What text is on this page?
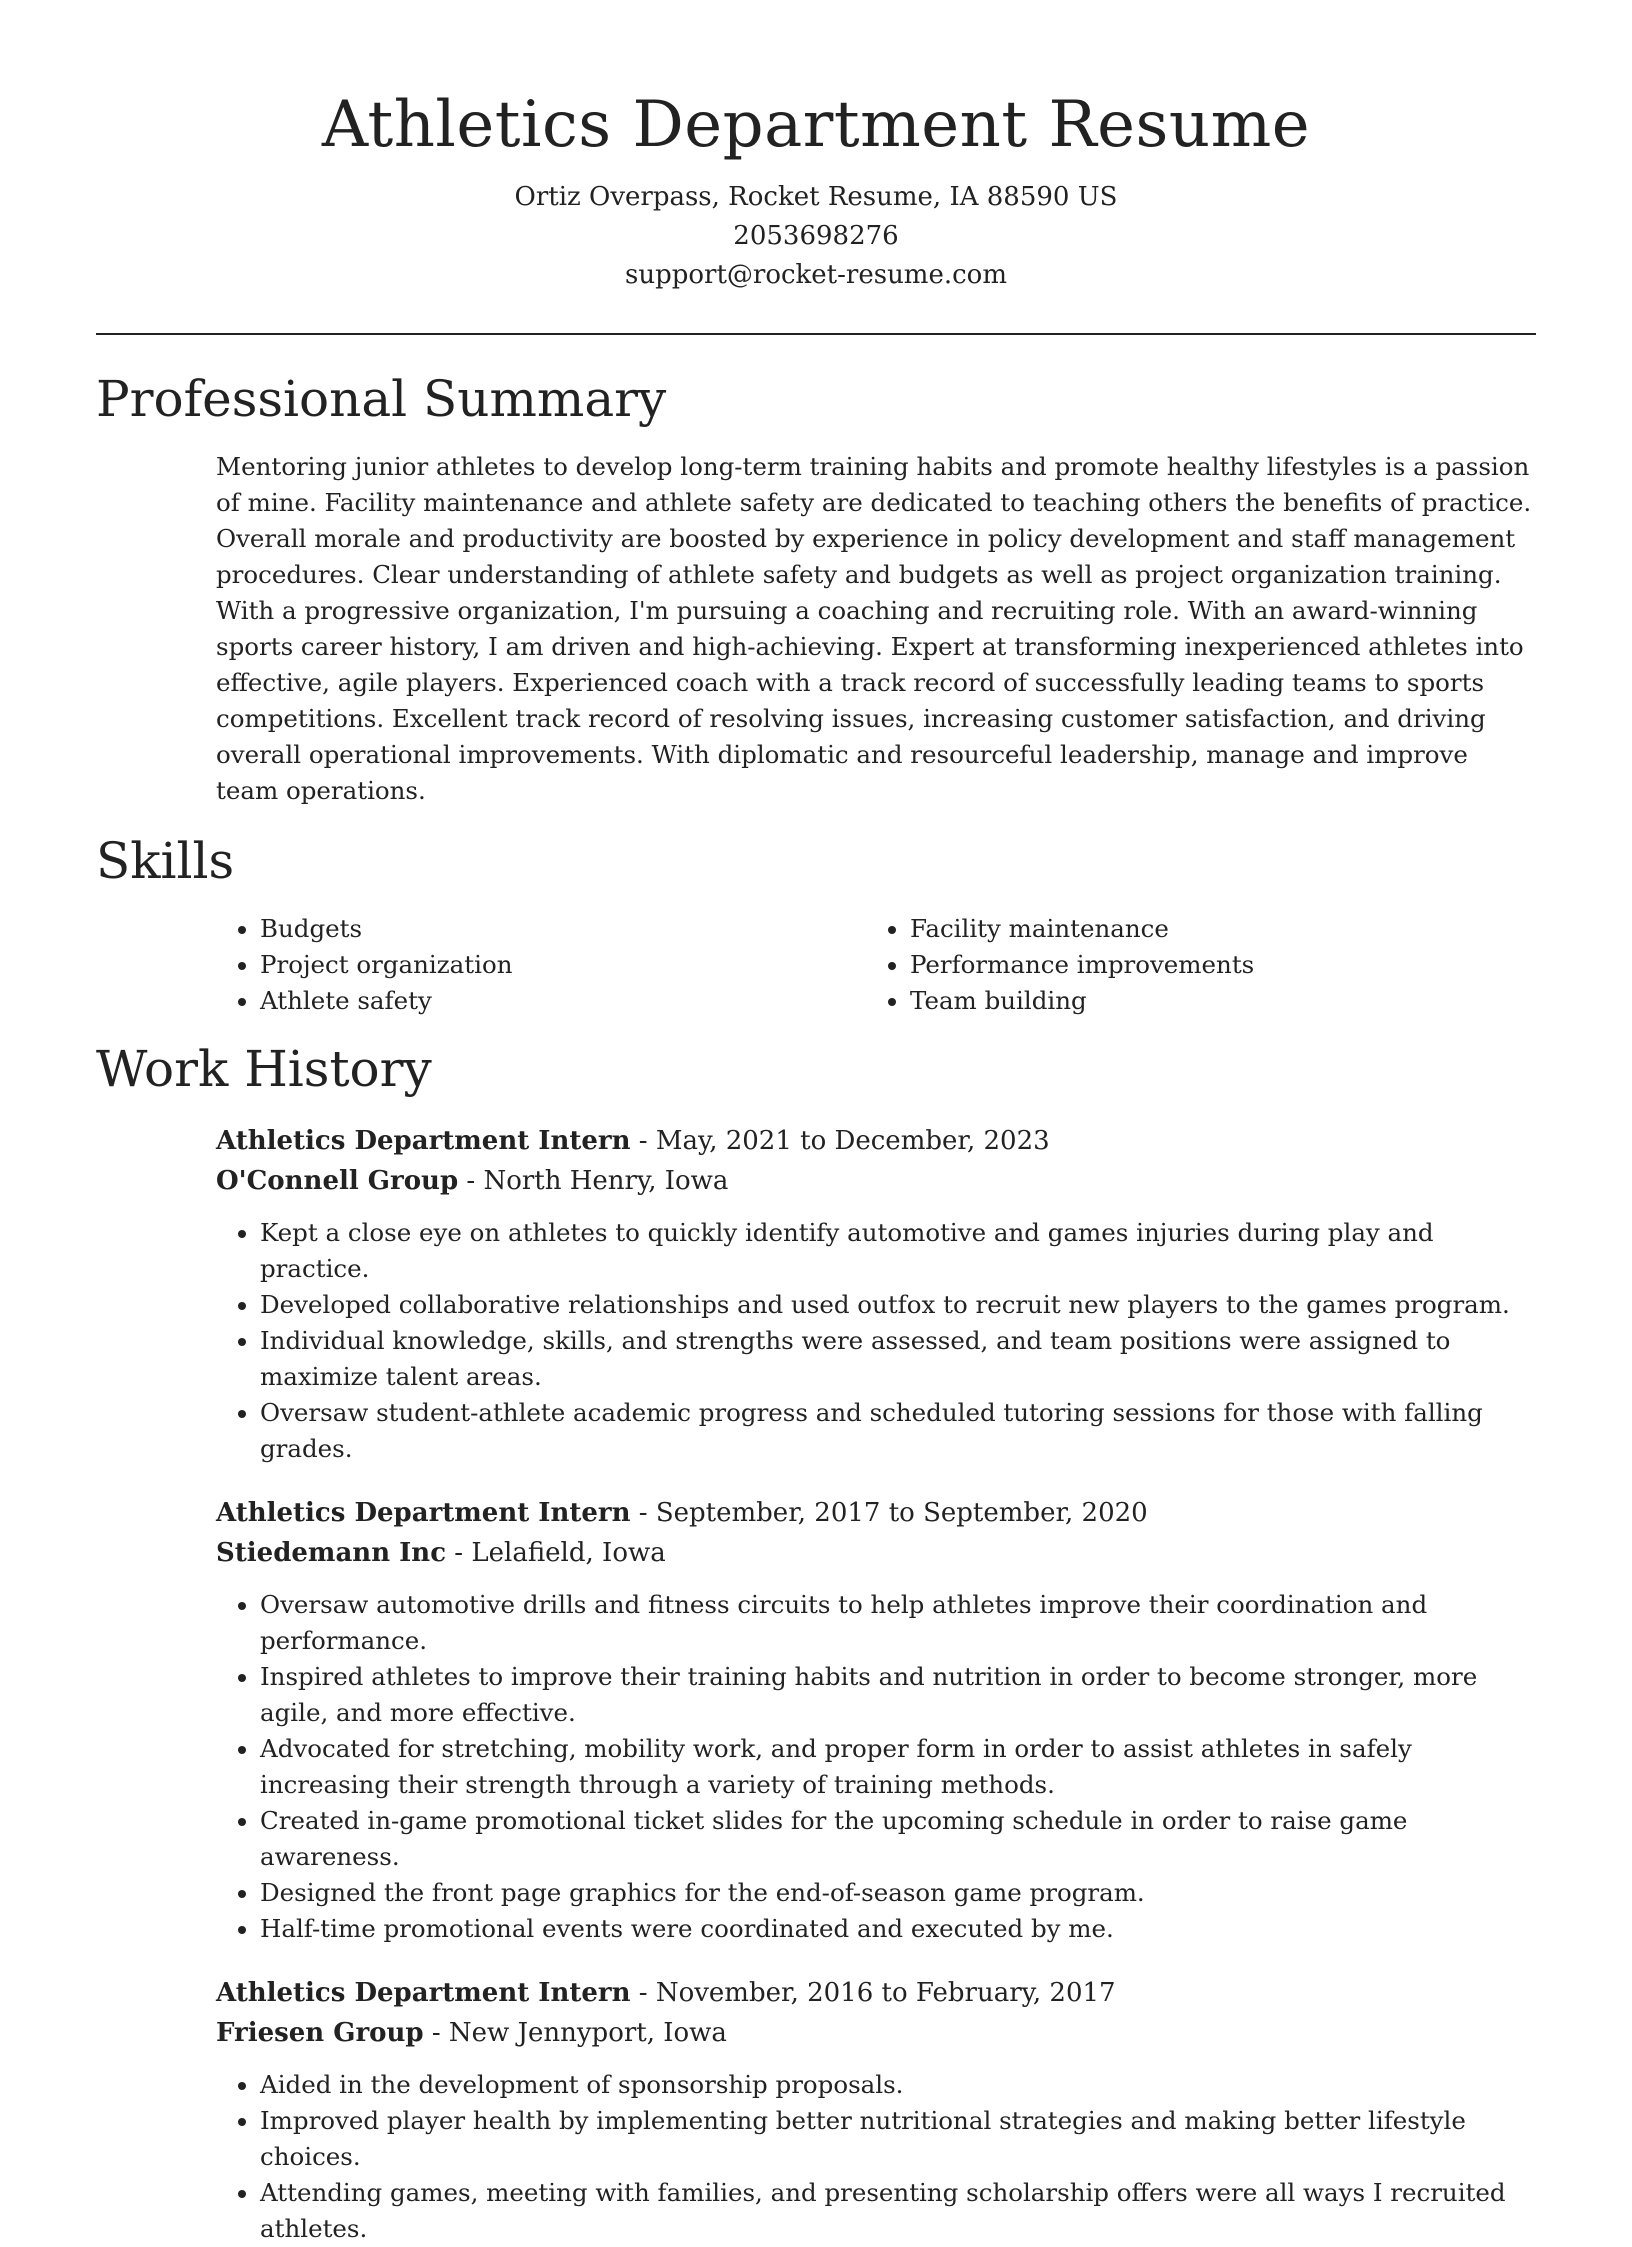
Athletics Department Resume
Ortiz Overpass, Rocket Resume, IA 88590 US
2053698276
support@rocket-resume.com
Professional Summary
Mentoring junior athletes to develop long-term training habits and promote healthy lifestyles is a passion of mine. Facility maintenance and athlete safety are dedicated to teaching others the benefits of practice. Overall morale and productivity are boosted by experience in policy development and staff management procedures. Clear understanding of athlete safety and budgets as well as project organization training. With a progressive organization, I'm pursuing a coaching and recruiting role. With an award-winning sports career history, I am driven and high-achieving. Expert at transforming inexperienced athletes into effective, agile players. Experienced coach with a track record of successfully leading teams to sports competitions. Excellent track record of resolving issues, increasing customer satisfaction, and driving overall operational improvements. With diplomatic and resourceful leadership, manage and improve team operations.
Skills
• Budgets
• Project organization
• Athlete safety
• Facility maintenance
• Performance improvements
• Team building
Work History
Athletics Department Intern - May, 2021 to December, 2023
O'Connell Group - North Henry, Iowa
• Kept a close eye on athletes to quickly identify automotive and games injuries during play and practice.
• Developed collaborative relationships and used outfox to recruit new players to the games program.
• Individual knowledge, skills, and strengths were assessed, and team positions were assigned to maximize talent areas.
• Oversaw student-athlete academic progress and scheduled tutoring sessions for those with falling grades.
Athletics Department Intern - September, 2017 to September, 2020
Stiedemann Inc - Lelafield, Iowa
• Oversaw automotive drills and fitness circuits to help athletes improve their coordination and performance.
• Inspired athletes to improve their training habits and nutrition in order to become stronger, more agile, and more effective.
• Advocated for stretching, mobility work, and proper form in order to assist athletes in safely increasing their strength through a variety of training methods.
• Created in-game promotional ticket slides for the upcoming schedule in order to raise game awareness.
• Designed the front page graphics for the end-of-season game program.
• Half-time promotional events were coordinated and executed by me.
Athletics Department Intern - November, 2016 to February, 2017
Friesen Group - New Jennyport, Iowa
• Aided in the development of sponsorship proposals.
• Improved player health by implementing better nutritional strategies and making better lifestyle choices.
• Attending games, meeting with families, and presenting scholarship offers were all ways I recruited athletes.
